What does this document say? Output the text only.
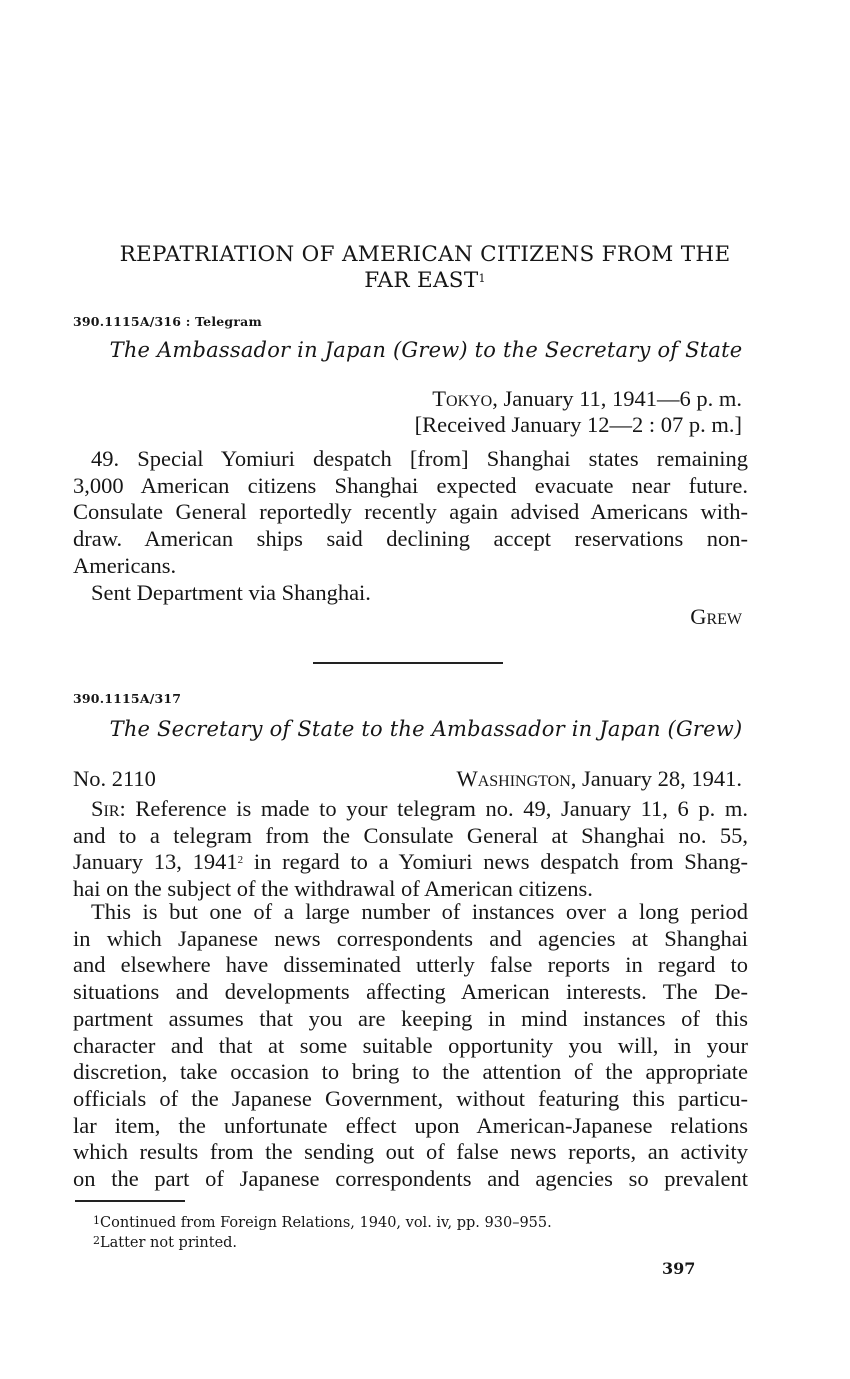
REPATRIATION OF AMERICAN CITIZENS FROM THE
FAR EAST$^1$
390.1115A/316 : Telegram
The Ambassador in Japan (Grew) to the Secretary of State
Tokyo, January 11, 1941—6 p. m.
[Received January 12—2 : 07 p. m.]
49. Special Yomiuri despatch [from] Shanghai states remaining
3,000 American citizens Shanghai expected evacuate near future.
Consulate General reportedly recently again advised Americans with-
draw. American ships said declining accept reservations non-
Americans.
Sent Department via Shanghai.
Grew
390.1115A/317
The Secretary of State to the Ambassador in Japan (Grew)
No. 2110	Washington, January 28, 1941.
Sir: Reference is made to your telegram no. 49, January 11, 6 p. m.
and to a telegram from the Consulate General at Shanghai no. 55,
January 13, 1941$^2$ in regard to a Yomiuri news despatch from Shang-
hai on the subject of the withdrawal of American citizens.
This is but one of a large number of instances over a long period
in which Japanese news correspondents and agencies at Shanghai
and elsewhere have disseminated utterly false reports in regard to
situations and developments affecting American interests. The De-
partment assumes that you are keeping in mind instances of this
character and that at some suitable opportunity you will, in your
discretion, take occasion to bring to the attention of the appropriate
officials of the Japanese Government, without featuring this particu-
lar item, the unfortunate effect upon American-Japanese relations
which results from the sending out of false news reports, an activity
on the part of Japanese correspondents and agencies so prevalent
$^1$Continued from Foreign Relations, 1940, vol. iv, pp. 930–955.
$^2$Latter not printed.
397
